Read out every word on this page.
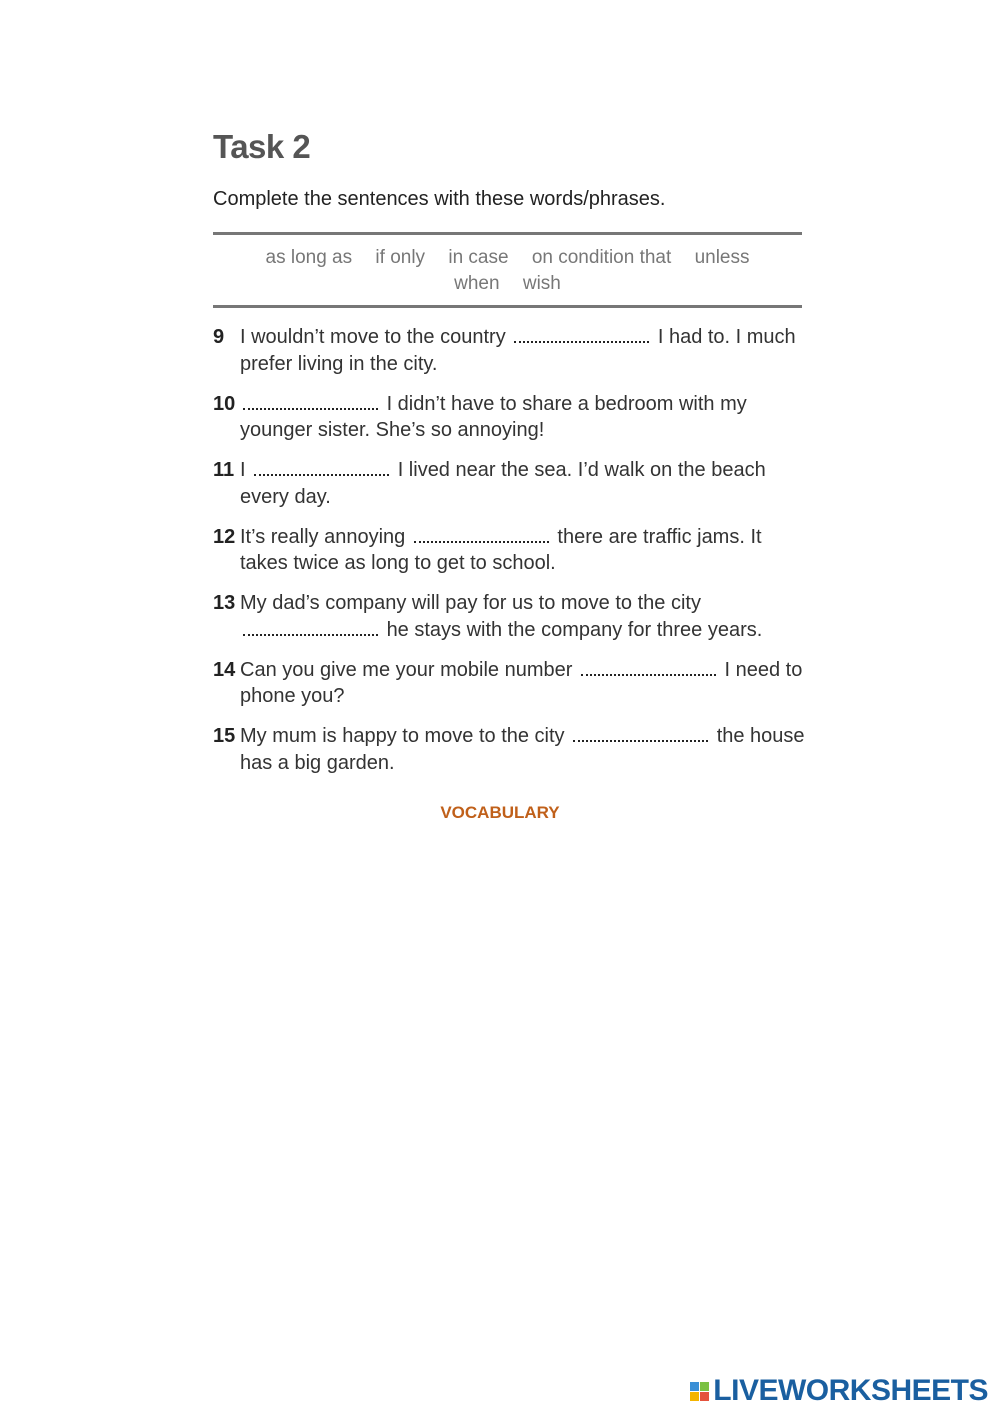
Task 2
Complete the sentences with these words/phrases.
as long as if only in case on condition that unless
when wish
9 I wouldn’t move to the country	I had to. I much prefer living in the city.
10	I didn’t have to share a bedroom with my younger sister. She’s so annoying!
11 I	I lived near the sea. I’d walk on the beach every day.
12 It’s really annoying	there are traffic jams. It takes twice as long to get to school.
13 My dad’s company will pay for us to move to the city  he stays with the company for three years.
14 Can you give me your mobile number	I need to phone you?
15 My mum is happy to move to the city	the house has a big garden.
VOCABULARY
LIVEWORKSHEETS
